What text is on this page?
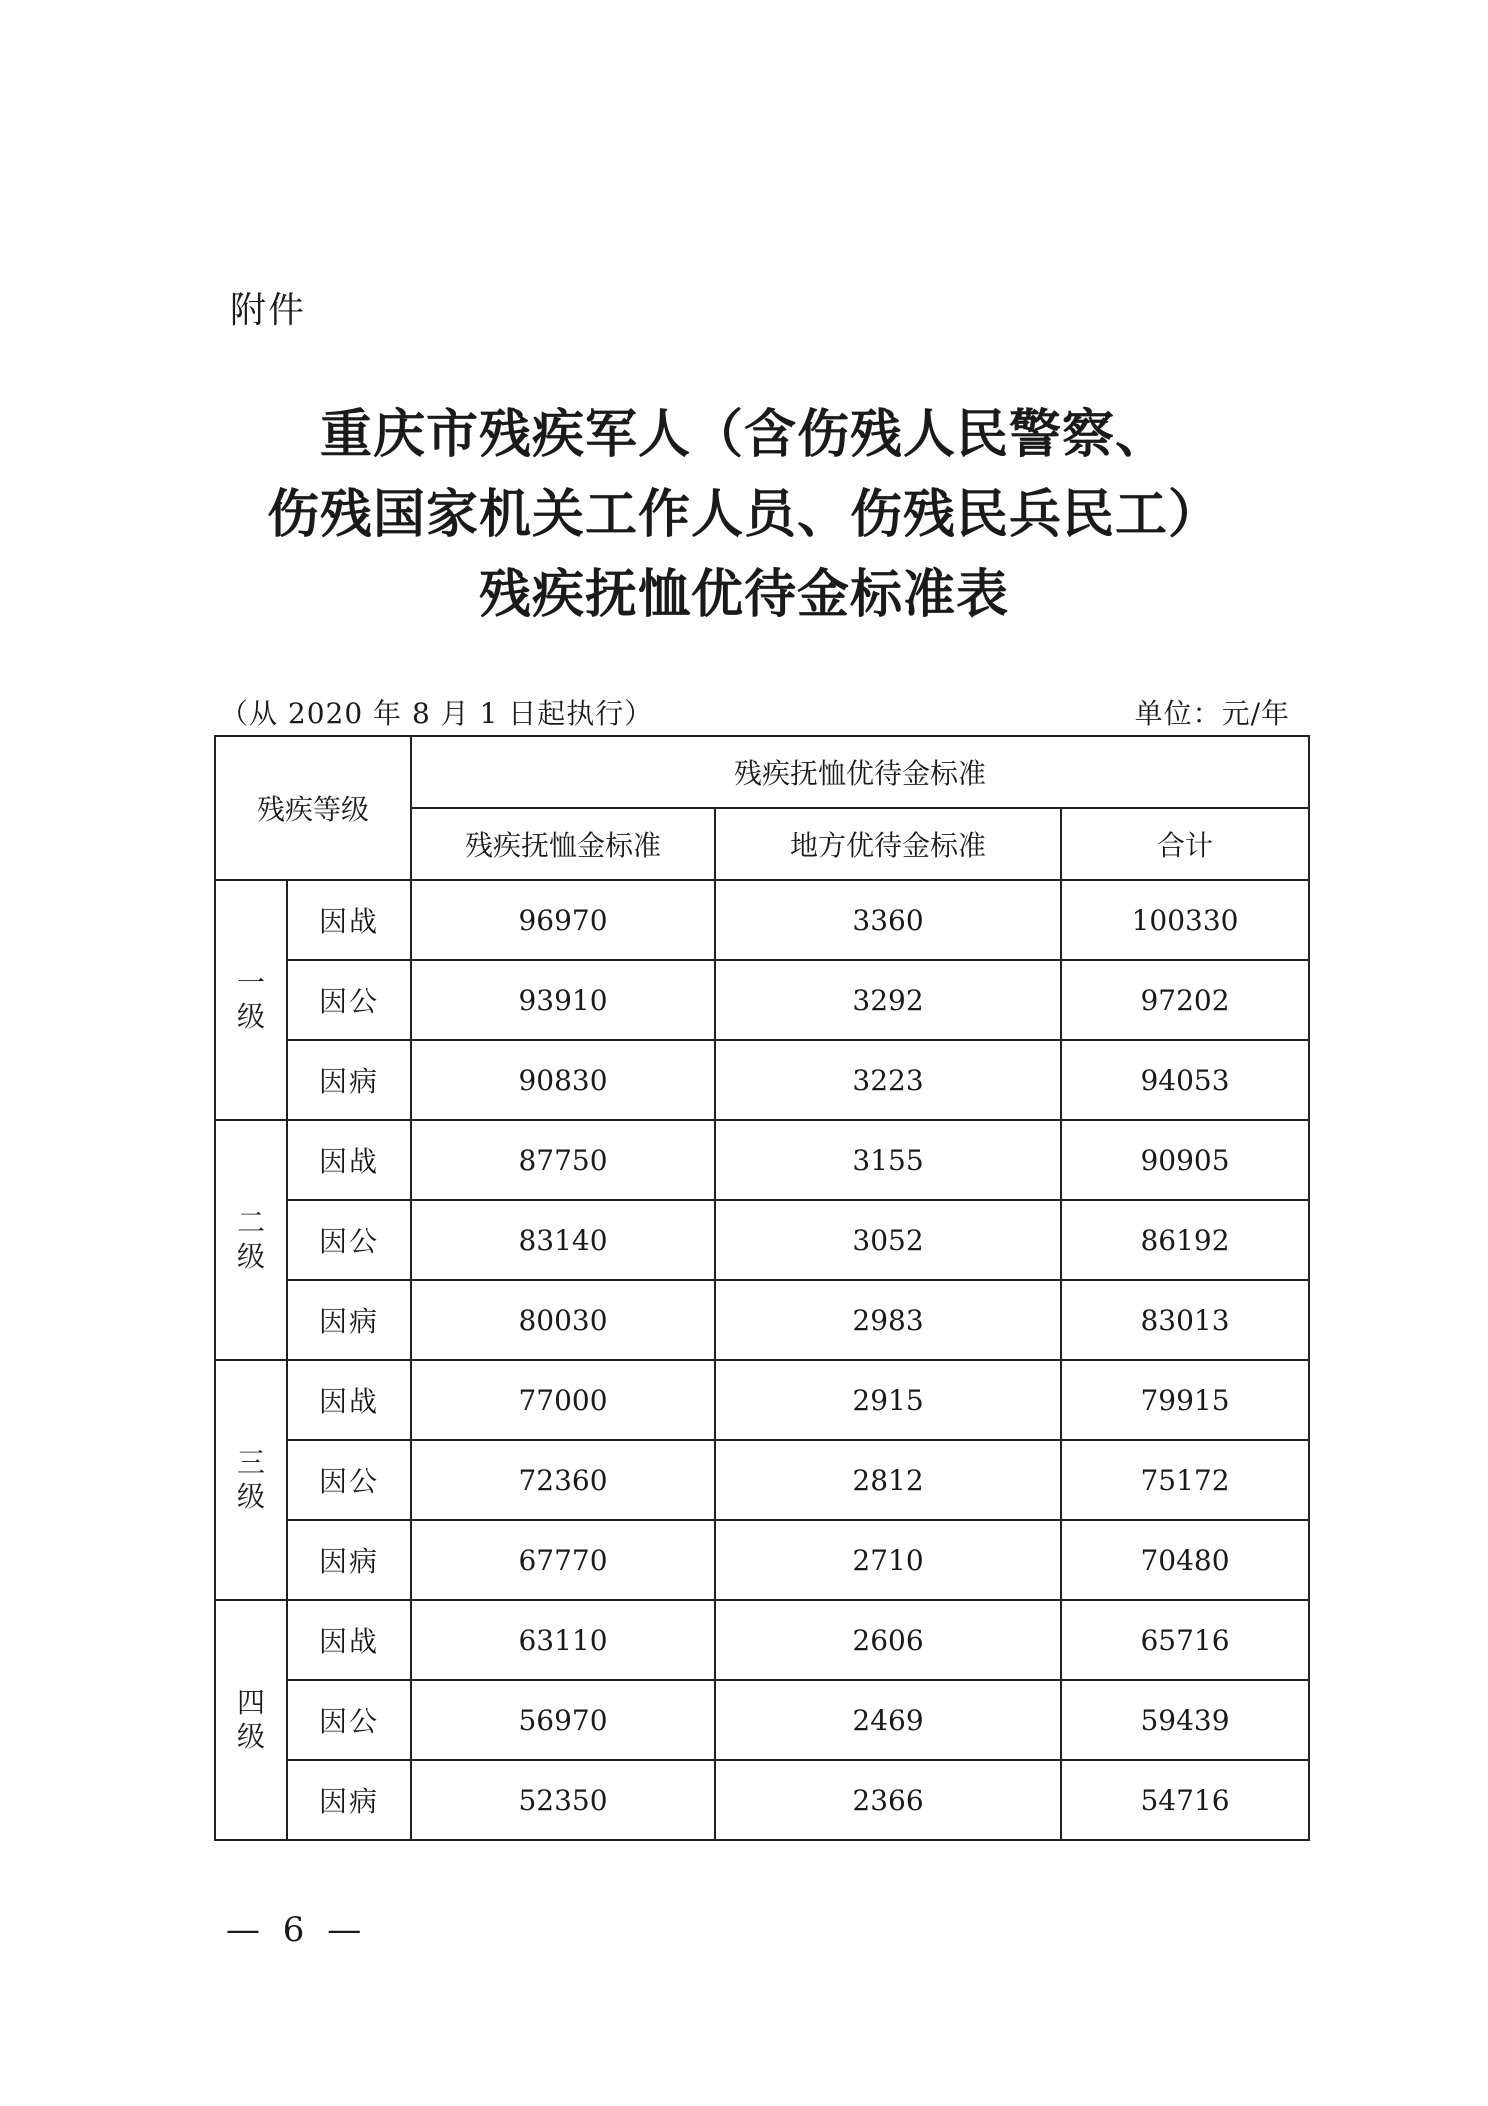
附件
重庆市残疾军人（含伤残人民警察、
伤残国家机关工作人员、伤残民兵民工）
残疾抚恤优待金标准表
（从 2020 年 8 月 1 日起执行）	单位：元/年
残疾等级		残疾抚恤优待金标准		
		残疾抚恤金标准	地方优待金标准	合计

一
级	因战	96970	3360	100330
	因公	93910	3292	97202
	因病	90830	3223	94053

二
级	因战	87750	3155	90905
	因公	83140	3052	86192
	因病	80030	2983	83013

三
级	因战	77000	2915	79915
	因公	72360	2812	75172
	因病	67770	2710	70480

四
级	因战	63110	2606	65716
	因公	56970	2469	59439
	因病	52350	2366	54716
— 6 —
